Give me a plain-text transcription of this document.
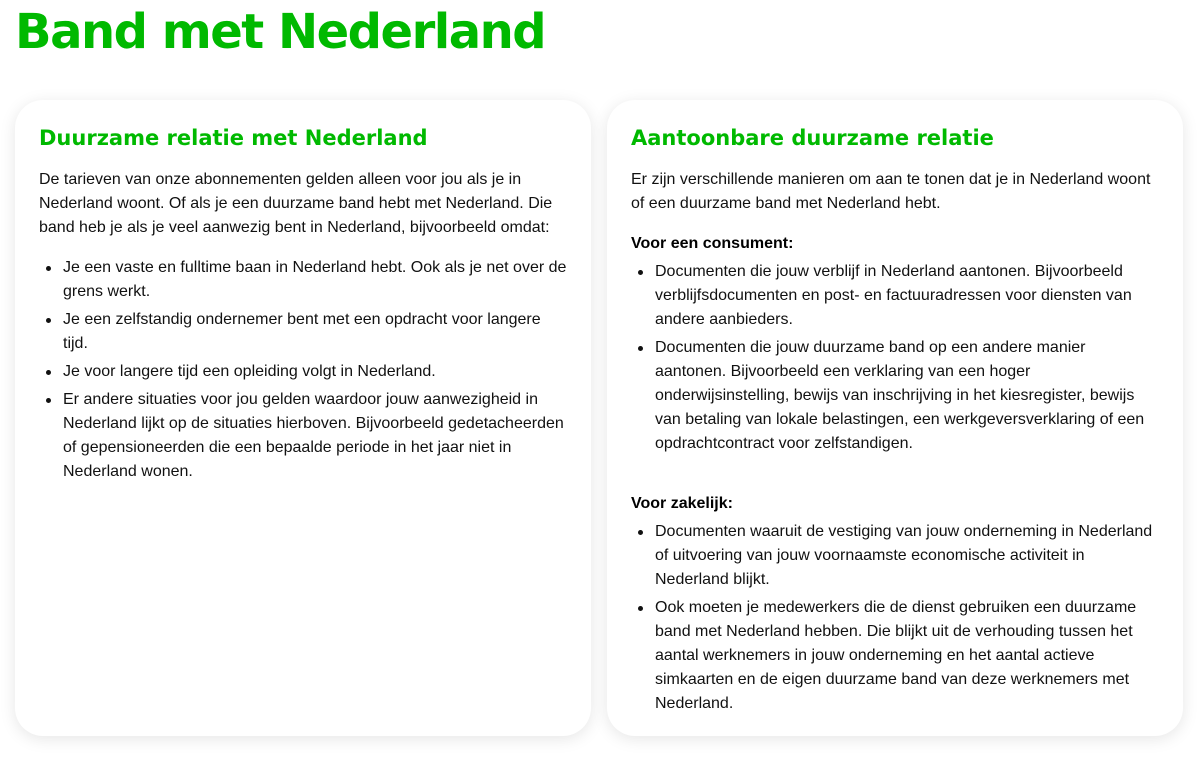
Band met Nederland
Duurzame relatie met Nederland

De tarieven van onze abonnementen gelden alleen voor jou als je in Nederland woont. Of als je een duurzame band hebt met Nederland. Die band heb je als je veel aanwezig bent in Nederland, bijvoorbeeld omdat:

Je een vaste en fulltime baan in Nederland hebt. Ook als je net over de grens werkt.
Je een zelfstandig ondernemer bent met een opdracht voor langere tijd.
Je voor langere tijd een opleiding volgt in Nederland.
Er andere situaties voor jou gelden waardoor jouw aanwezigheid in Nederland lijkt op de situaties hierboven. Bijvoorbeeld gedetacheerden of gepensioneerden die een bepaalde periode in het jaar niet in Nederland wonen.
Aantoonbare duurzame relatie

Er zijn verschillende manieren om aan te tonen dat je in Nederland woont of een duurzame band met Nederland hebt.

Voor een consument:
Documenten die jouw verblijf in Nederland aantonen. Bijvoorbeeld verblijfsdocumenten en post- en factuuradressen voor diensten van andere aanbieders.
Documenten die jouw duurzame band op een andere manier aantonen. Bijvoorbeeld een verklaring van een hoger onderwijsinstelling, bewijs van inschrijving in het kiesregister, bewijs van betaling van lokale belastingen, een werkgeversverklaring of een opdrachtcontract voor zelfstandigen.
Voor zakelijk:
Documenten waaruit de vestiging van jouw onderneming in Nederland of uitvoering van jouw voornaamste economische activiteit in Nederland blijkt.
Ook moeten je medewerkers die de dienst gebruiken een duurzame band met Nederland hebben. Die blijkt uit de verhouding tussen het aantal werknemers in jouw onderneming en het aantal actieve simkaarten en de eigen duurzame band van deze werknemers met Nederland.
